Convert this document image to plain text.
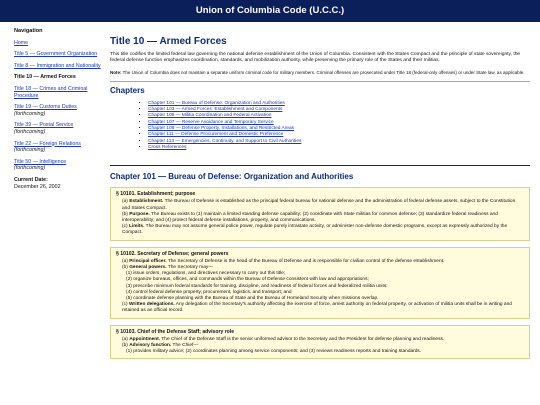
Union of Columbia Code (U.C.C.)
Navigation
Home
Title 5 — Government Organization
Title 8 — Immigration and Nationality
Title 10 — Armed Forces
Title 18 — Crimes and Criminal Procedure
Title 19 — Customs Duties
(forthcoming)
Title 39 — Postal Service
(forthcoming)
Title 22 — Foreign Relations
(forthcoming)
Title 50 — Intelligence
(forthcoming)
Current Date:
December 26, 2002
Title 10 — Armed Forces

This title codifies the limited federal law governing the national defense establishment of the Union of Columbia. Consistent with the States Compact and the principle of state sovereignty, the federal defense function emphasizes coordination, standards, and mobilization authority, while preserving the primary role of the States and their militias.

Note: The Union of Columbia does not maintain a separate uniform criminal code for military members. Criminal offenses are prosecuted under Title 18 (federal-only offenses) or under State law, as applicable.

Chapters
▪ Chapter 101 — Bureau of Defense: Organization and Authorities
▪ Chapter 103 — Armed Forces: Establishment and Components
▪ Chapter 105 — Militia Coordination and Federal Activation
▪ Chapter 107 — Reserve Avoidance and Temporary Service
▪ Chapter 109 — Defense Property, Installations, and Restricted Areas
▪ Chapter 111 — Defense Procurement and Domestic Preference
▪ Chapter 113 — Emergencies, Continuity, and Support to Civil Authorities
▪ Cross References
Chapter 101 — Bureau of Defense: Organization and Authorities
§ 10101. Establishment; purpose

(a) Establishment. The Bureau of Defense is established as the principal federal bureau for national defense and the administration of federal defense assets, subject to the Constitution and States Compact.

(b) Purpose. The Bureau exists to (1) maintain a limited standing defense capability; (2) coordinate with State militias for common defense; (3) standardize federal readiness and interoperability; and (4) protect federal defense installations, property, and communications.

(c) Limits. The Bureau may not assume general police power, regulate purely intrastate activity, or administer non-defense domestic programs, except as expressly authorized by the Compact.

§ 10102. Secretary of Defense; general powers

(a) Principal officer. The Secretary of Defense is the head of the Bureau of Defense and is responsible for civilian control of the defense establishment.

(b) General powers. The Secretary may—

(1) issue orders, regulations, and directives necessary to carry out this title;

(2) organize bureaus, offices, and commands within the Bureau of Defense consistent with law and appropriations;

(3) prescribe minimum federal standards for training, discipline, and readiness of federal forces and federalized militia units;

(4) control federal defense property, procurement, logistics, and transport; and

(5) coordinate defense planning with the Bureau of State and the Bureau of Homeland Security when missions overlap.

(c) Written delegations. Any delegation of the Secretary's authority affecting the exercise of force, arrest authority on federal property, or activation of militia units shall be in writing and retained as an official record.

§ 10103. Chief of the Defense Staff; advisory role

(a) Appointment. The Chief of the Defense Staff is the senior uniformed advisor to the Secretary and the President for defense planning and readiness.

(b) Advisory function. The Chief—

(1) provides military advice; (2) coordinates planning among service components; and (3) reviews readiness reports and training standards.
